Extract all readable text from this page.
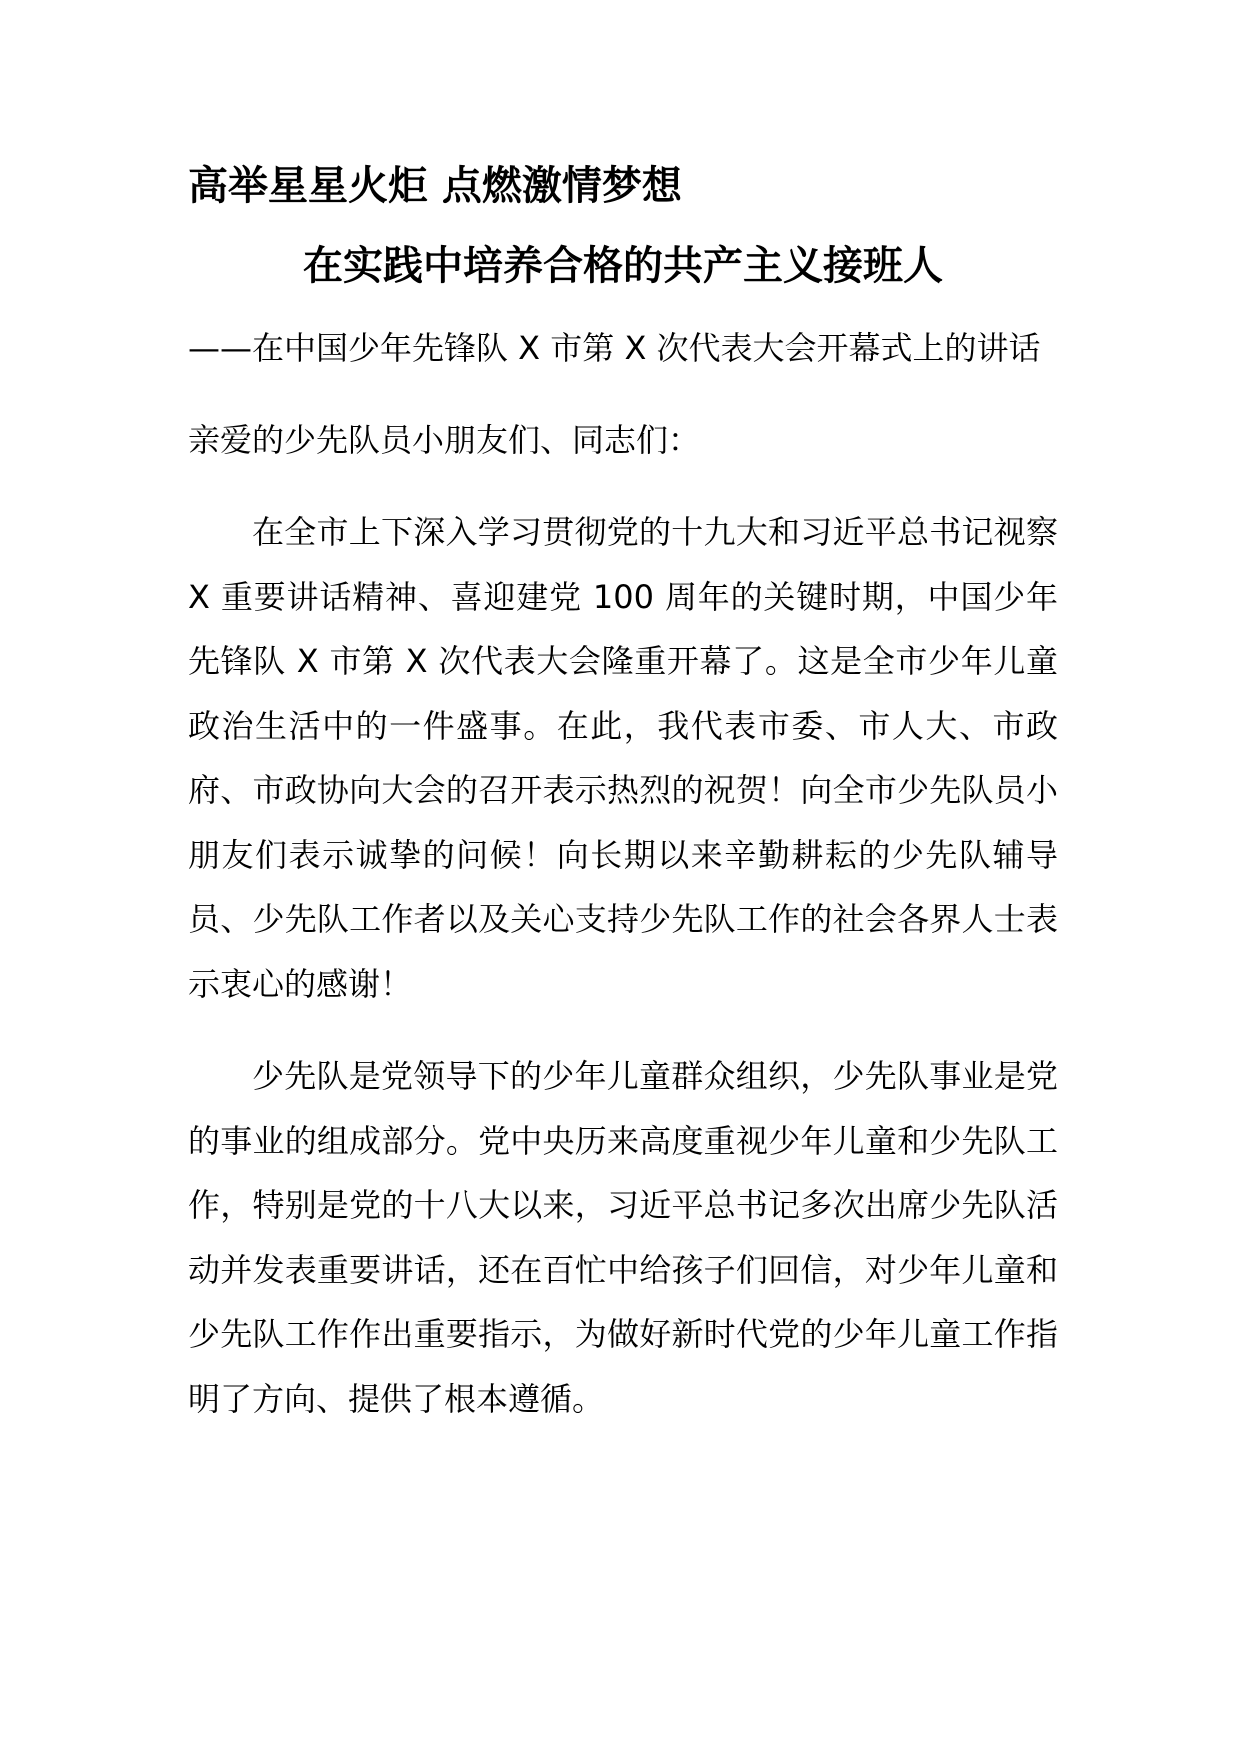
高举星星火炬 点燃激情梦想
在实践中培养合格的共产主义接班人

——在中国少年先锋队 X 市第 X 次代表大会开幕式上的讲话

亲爱的少先队员小朋友们、同志们：

在全市上下深入学习贯彻党的十九大和习近平总书记视察 X 重要讲话精神、喜迎建党 100 周年的关键时期，中国少年先锋队 X 市第 X 次代表大会隆重开幕了。这是全市少年儿童政治生活中的一件盛事。在此，我代表市委、市人大、市政府、市政协向大会的召开表示热烈的祝贺！向全市少先队员小朋友们表示诚挚的问候！向长期以来辛勤耕耘的少先队辅导员、少先队工作者以及关心支持少先队工作的社会各界人士表示衷心的感谢！

少先队是党领导下的少年儿童群众组织，少先队事业是党的事业的组成部分。党中央历来高度重视少年儿童和少先队工作，特别是党的十八大以来，习近平总书记多次出席少先队活动并发表重要讲话，还在百忙中给孩子们回信，对少年儿童和少先队工作作出重要指示，为做好新时代党的少年儿童工作指明了方向、提供了根本遵循。
